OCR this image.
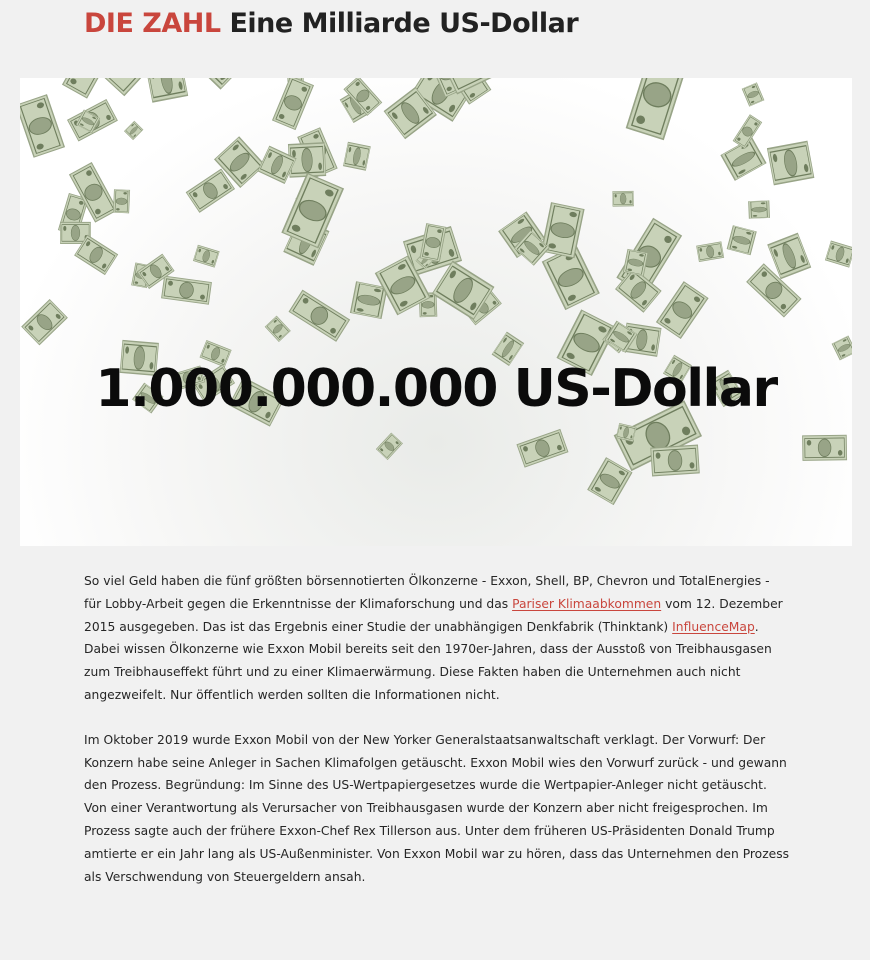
DIE ZAHL Eine Milliarde US-Dollar
1.000.000.000 US-Dollar

So viel Geld haben die fünf größten börsennotierten Ölkonzerne - Exxon, Shell, BP, Chevron und TotalEnergies - für Lobby-Arbeit gegen die Erkenntnisse der Klimaforschung und das Pariser Klimaabkommen vom 12. Dezember 2015 ausgegeben. Das ist das Ergebnis einer Studie der unabhängigen Denkfabrik (Thinktank) InfluenceMap. Dabei wissen Ölkonzerne wie Exxon Mobil bereits seit den 1970er-Jahren, dass der Ausstoß von Treibhausgasen zum Treibhauseffekt führt und zu einer Klimaerwärmung. Diese Fakten haben die Unternehmen auch nicht angezweifelt. Nur öffentlich werden sollten die Informationen nicht.

Im Oktober 2019 wurde Exxon Mobil von der New Yorker Generalstaatsanwaltschaft verklagt. Der Vorwurf: Der Konzern habe seine Anleger in Sachen Klimafolgen getäuscht. Exxon Mobil wies den Vorwurf zurück - und gewann den Prozess. Begründung: Im Sinne des US-Wertpapiergesetzes wurde die Wertpapier-Anleger nicht getäuscht. Von einer Verantwortung als Verursacher von Treibhausgasen wurde der Konzern aber nicht freigesprochen. Im Prozess sagte auch der frühere Exxon-Chef Rex Tillerson aus. Unter dem früheren US-Präsidenten Donald Trump amtierte er ein Jahr lang als US-Außenminister. Von Exxon Mobil war zu hören, dass das Unternehmen den Prozess als Verschwendung von Steuergeldern ansah.
